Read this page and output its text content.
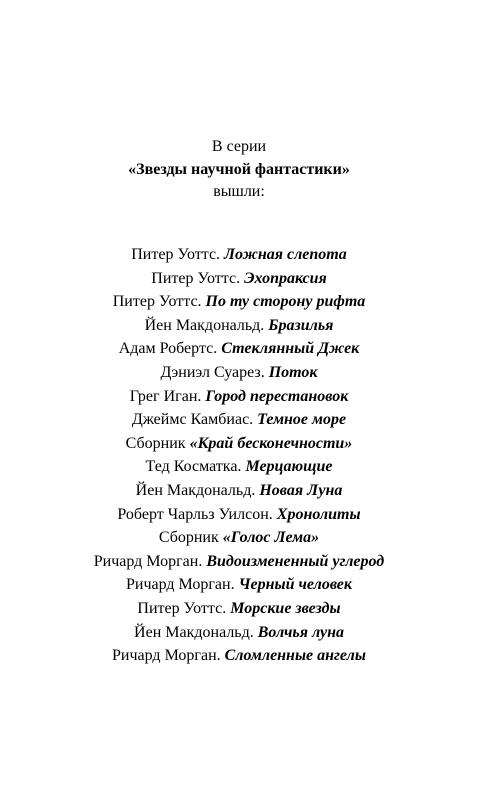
В серии
«Звезды научной фантастики»
вышли:
Питер Уоттс. Ложная слепота
Питер Уоттс. Эхопраксия
Питер Уоттс. По ту сторону рифта
Йен Макдональд. Бразилья
Адам Робертс. Стеклянный Джек
Дэниэл Суарез. Поток
Грег Иган. Город перестановок
Джеймс Камбиас. Темное море
Сборник «Край бесконечности»
Тед Косматка. Мерцающие
Йен Макдональд. Новая Луна
Роберт Чарльз Уилсон. Хронолиты
Сборник «Голос Лема»
Ричард Морган. Видоизмененный углерод
Ричард Морган. Черный человек
Питер Уоттс. Морские звезды
Йен Макдональд. Волчья луна
Ричард Морган. Сломленные ангелы
